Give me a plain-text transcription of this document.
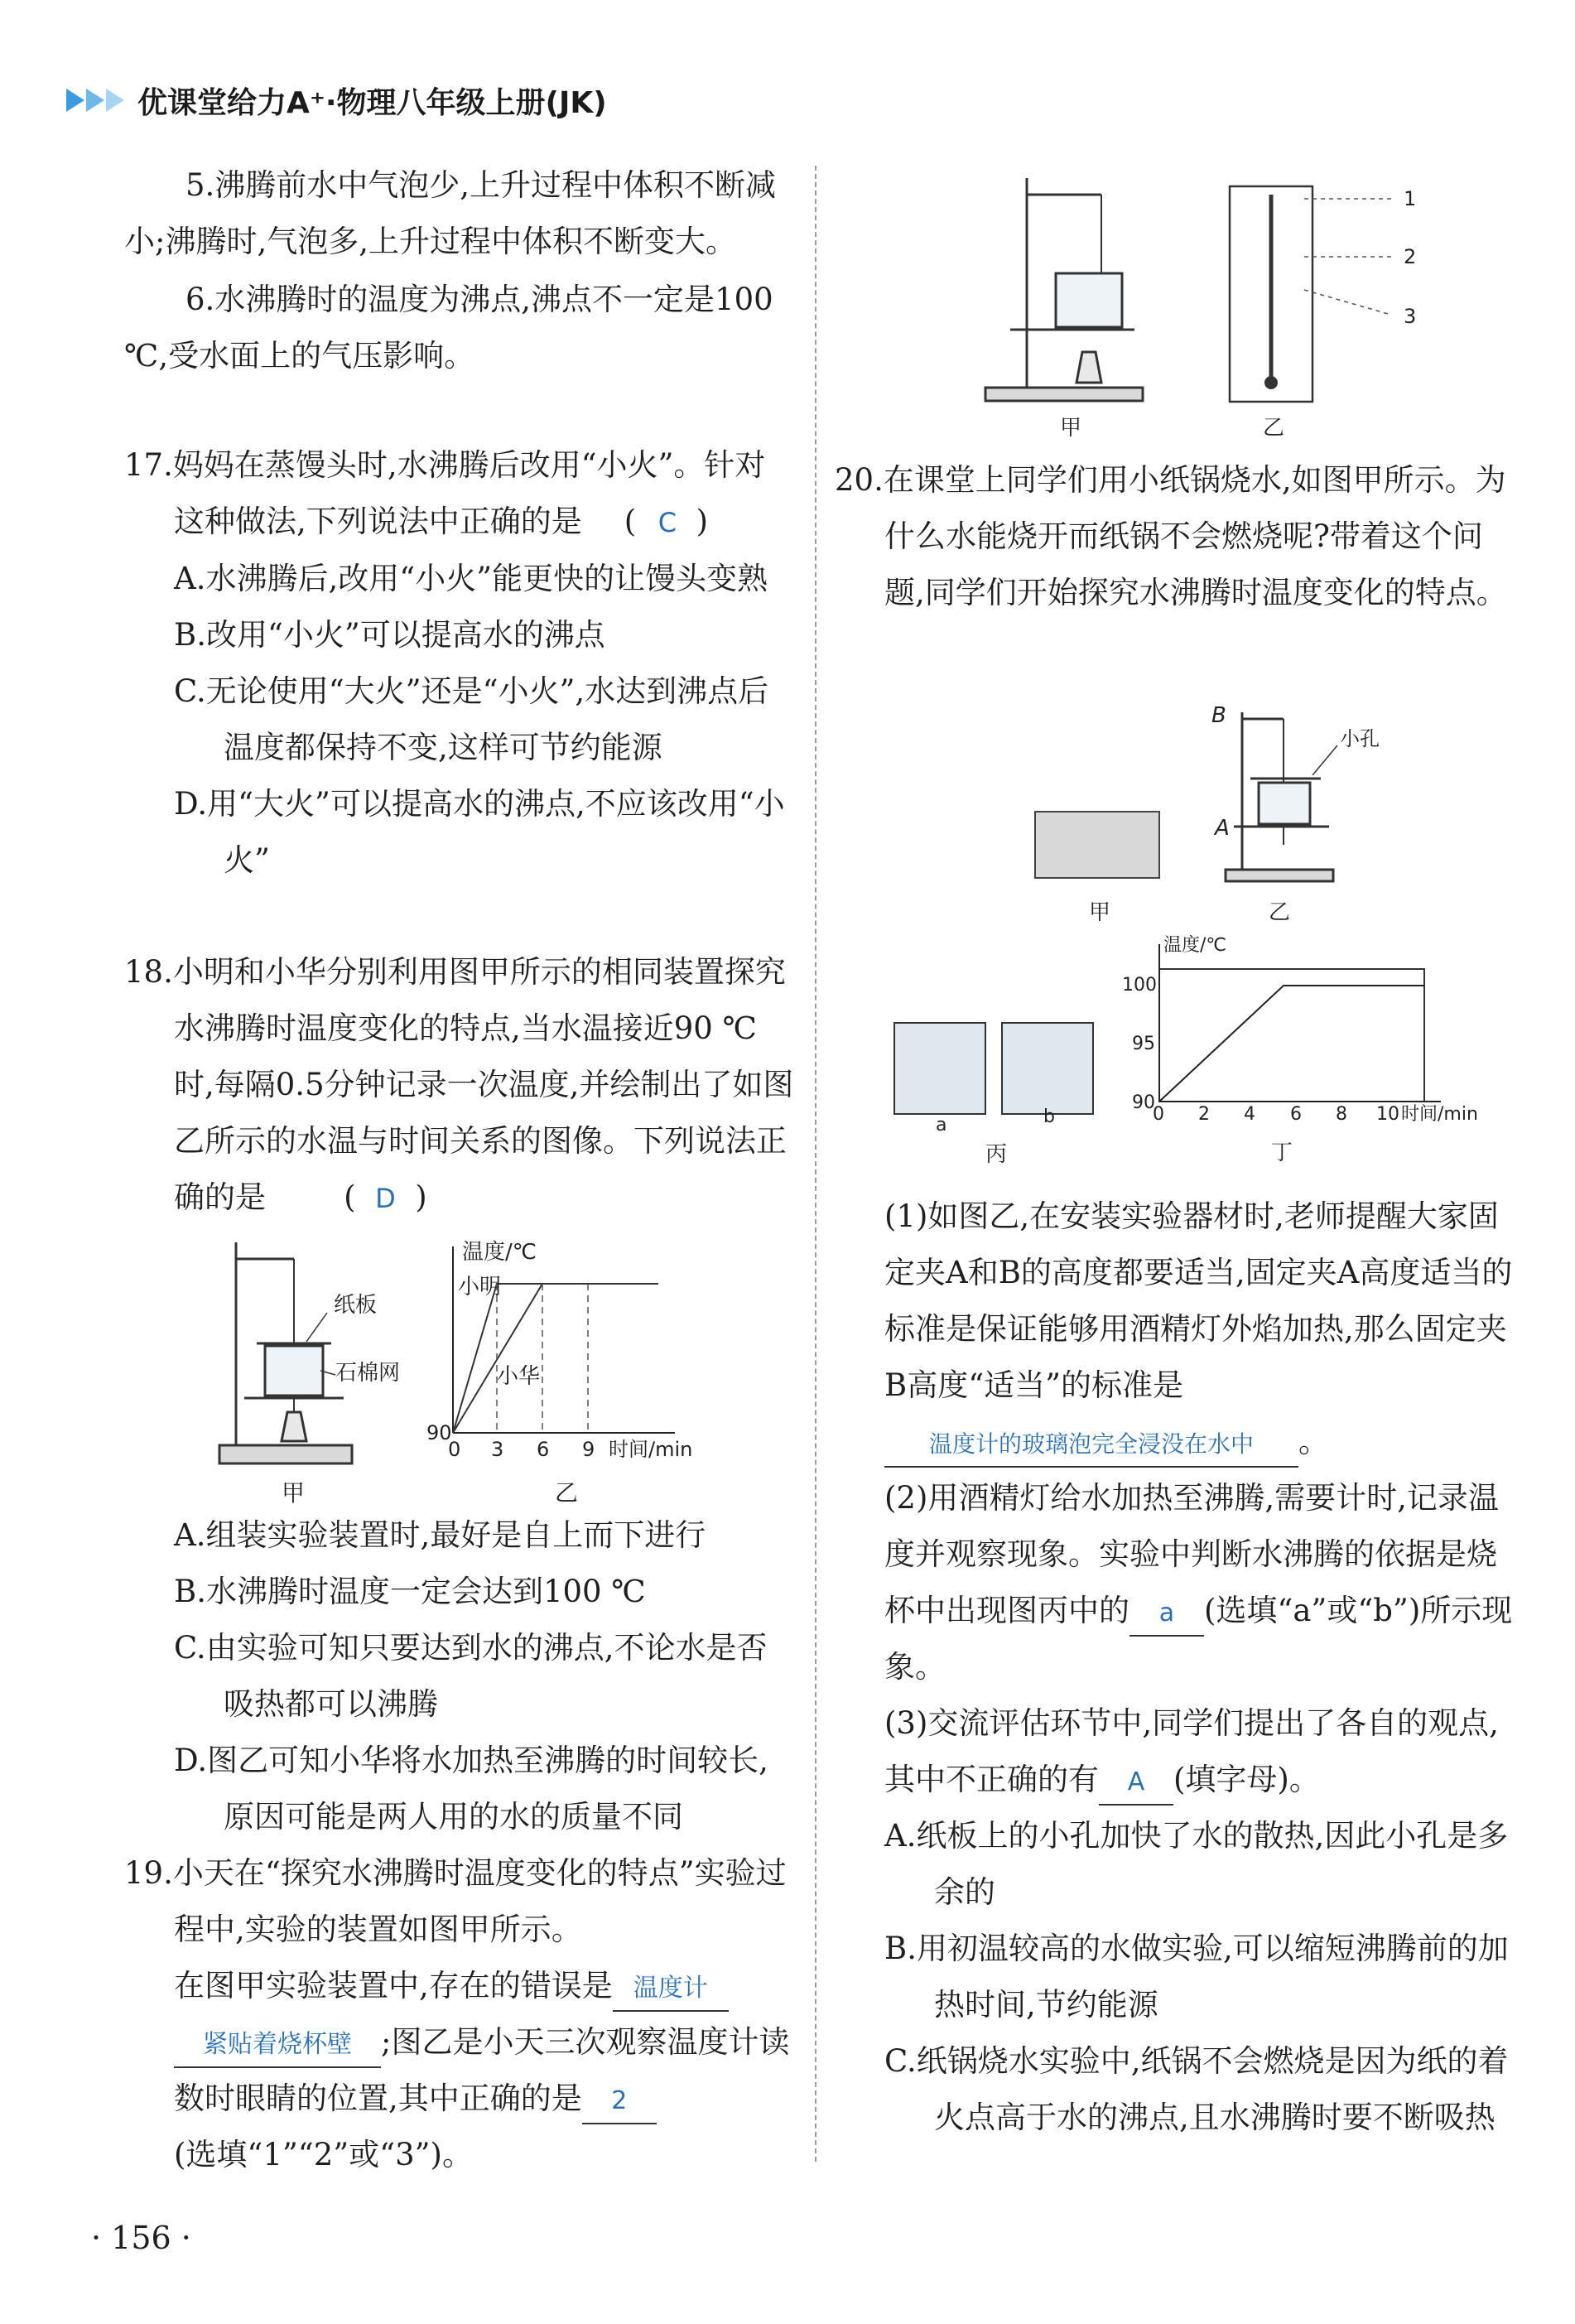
优课堂给力A⁺·物理八年级上册(JK)

5.沸腾前水中气泡少,上升过程中体积不断减小;沸腾时,气泡多,上升过程中体积不断变大。

6.水沸腾时的温度为沸点,沸点不一定是100 ℃,受水面上的气压影响。

17.妈妈在蒸馒头时,水沸腾后改用“小火”。针对这种做法,下列说法中正确的是    (  C  )

A.水沸腾后,改用“小火”能更快的让馒头变熟

B.改用“小火”可以提高水的沸点

C.无论使用“大火”还是“小火”,水达到沸点后温度都保持不变,这样可节约能源

D.用“大火”可以提高水的沸点,不应该改用“小火”

18.小明和小华分别利用图甲所示的相同装置探究水沸腾时温度变化的特点,当水温接近90 ℃时,每隔0.5分钟记录一次温度,并绘制出了如图乙所示的水温与时间关系的图像。下列说法正确的是        (  D  )

纸板
石棉网
甲
温度/℃
小明
小华
90
0 3 6 9 时间/min
乙

A.组装实验装置时,最好是自上而下进行

B.水沸腾时温度一定会达到100 ℃

C.由实验可知只要达到水的沸点,不论水是否吸热都可以沸腾

D.图乙可知小华将水加热至沸腾的时间较长,原因可能是两人用的水的质量不同

19.小天在“探究水沸腾时温度变化的特点”实验过程中,实验的装置如图甲所示。

在图甲实验装置中,存在的错误是 温度计

紧贴着烧杯壁 ;图乙是小天三次观察温度计读数时眼睛的位置,其中正确的是 2

(选填“1”“2”或“3”)。

甲
1
2
3
乙

20.在课堂上同学们用小纸锅烧水,如图甲所示。为什么水能烧开而纸锅不会燃烧呢?带着这个问题,同学们开始探究水沸腾时温度变化的特点。

甲
B
A
小孔
乙
a	b
丙
温度/℃
100
95
90
0 2 4 6 8 10 时间/min
丁

(1)如图乙,在安装实验器材时,老师提醒大家固定夹A和B的高度都要适当,固定夹A高度适当的标准是保证能够用酒精灯外焰加热,那么固定夹B高度“适当”的标准是温度计的玻璃泡完全浸没在水中 。

(2)用酒精灯给水加热至沸腾,需要计时,记录温度并观察现象。实验中判断水沸腾的依据是烧杯中出现图丙中的 a (选填“a”或“b”)所示现象。

(3)交流评估环节中,同学们提出了各自的观点,其中不正确的有 A (填字母)。

A.纸板上的小孔加快了水的散热,因此小孔是多余的

B.用初温较高的水做实验,可以缩短沸腾前的加热时间,节约能源

C.纸锅烧水实验中,纸锅不会燃烧是因为纸的着火点高于水的沸点,且水沸腾时要不断吸热

· 156 ·
